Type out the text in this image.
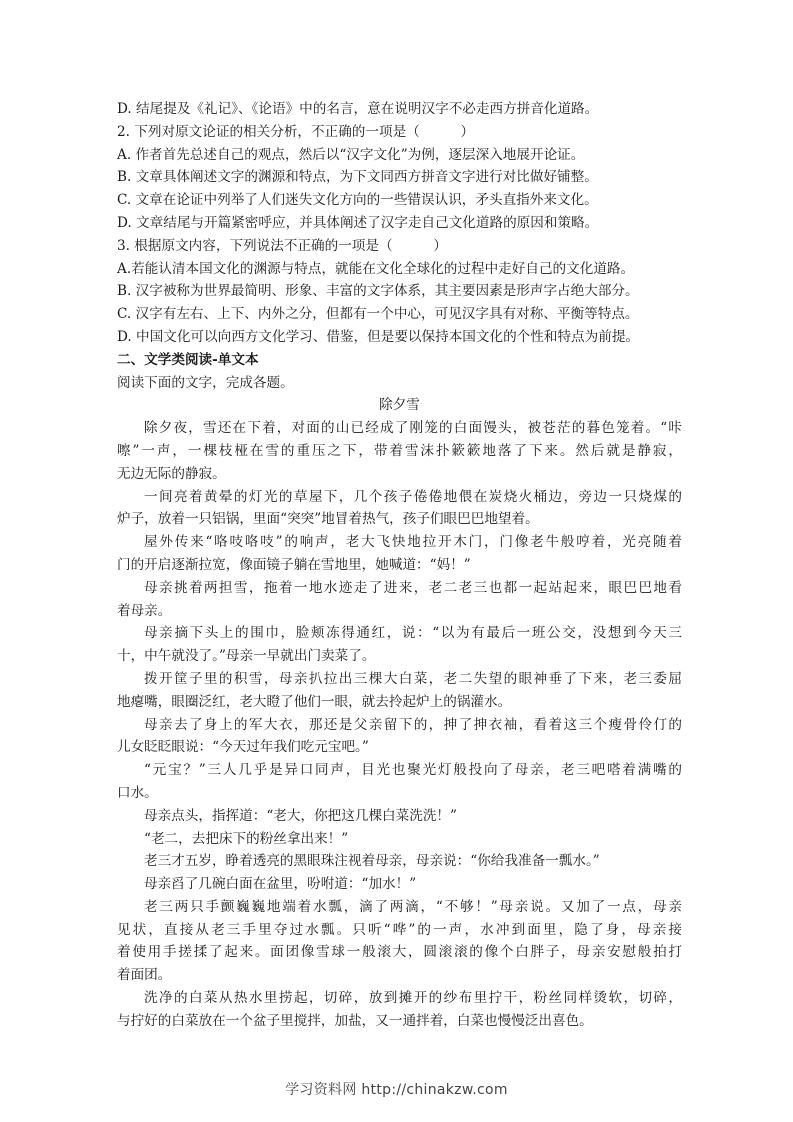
D. 结尾提及《礼记》、《论语》中的名言，意在说明汉字不必走西方拼音化道路。
2. 下列对原文论证的相关分析，不正确的一项是（　　　）
A. 作者首先总述自己的观点，然后以“汉字文化”为例，逐层深入地展开论证。
B. 文章具体阐述文字的渊源和特点，为下文同西方拼音文字进行对比做好铺整。
C. 文章在论证中列举了人们迷失文化方向的一些错误认识，矛头直指外来文化。
D. 文章结尾与开篇紧密呼应，并具体阐述了汉字走自己文化道路的原因和策略。
3. 根据原文内容，下列说法不正确的一项是（　　　）
A.若能认清本国文化的渊源与特点，就能在文化全球化的过程中走好自己的文化道路。
B. 汉字被称为世界最简明、形象、丰富的文字体系，其主要因素是形声字占绝大部分。
C. 汉字有左右、上下、内外之分，但都有一个中心，可见汉字具有对称、平衡等特点。
D. 中国文化可以向西方文化学习、借鉴，但是要以保持本国文化的个性和特点为前提。
二、文学类阅读-单文本
阅读下面的文字，完成各题。
除夕雪
除夕夜，雪还在下着，对面的山已经成了刚笼的白面馒头，被苍茫的暮色笼着。“咔
嚓”一声，一棵枝桠在雪的重压之下，带着雪沫扑簌簌地落了下来。然后就是静寂，
无边无际的静寂。
一间亮着黄晕的灯光的草屋下，几个孩子倦倦地偎在炭烧火桶边，旁边一只烧煤的
炉子，放着一只铝锅，里面“突突”地冒着热气，孩子们眼巴巴地望着。
屋外传来“咯吱咯吱”的响声，老大飞快地拉开木门，门像老牛般哼着，光亮随着
门的开启逐渐拉宽，像面镜子躺在雪地里，她喊道：“妈！”
母亲挑着两担雪，拖着一地水迹走了进来，老二老三也都一起站起来，眼巴巴地看
着母亲。
母亲摘下头上的围巾，脸颊冻得通红，说：“以为有最后一班公交，没想到今天三
十，中午就没了。”母亲一早就出门卖菜了。
拨开筐子里的积雪，母亲扒拉出三棵大白菜，老二失望的眼神垂了下来，老三委屈
地瘪嘴，眼圈泛红，老大瞪了他们一眼，就去拎起炉上的锅灌水。
母亲去了身上的军大衣，那还是父亲留下的，抻了抻衣袖，看着这三个瘦骨伶仃的
儿女眨眨眼说：“今天过年我们吃元宝吧。”
“元宝？”三人几乎是异口同声，目光也聚光灯般投向了母亲，老三吧嗒着满嘴的
口水。
母亲点头，指挥道：“老大，你把这几棵白菜洗洗！”
“老二，去把床下的粉丝拿出来！”
老三才五岁，睁着透亮的黑眼珠注视着母亲，母亲说：“你给我准备一瓢水。”
母亲舀了几碗白面在盆里，吩咐道：“加水！”
老三两只手颤巍巍地端着水瓢，滴了两滴，“不够！”母亲说。又加了一点，母亲
见状，直接从老三手里夺过水瓢。只听“哗”的一声，水冲到面里，隐了身，母亲接
着使用手搓揉了起来。面团像雪球一般滚大，圆滚滚的像个白胖子，母亲安慰般拍打
着面团。
洗净的白菜从热水里捞起，切碎，放到摊开的纱布里拧干，粉丝同样烫软，切碎，
与拧好的白菜放在一个盆子里搅拌，加盐，又一通拌着，白菜也慢慢泛出喜色。
学习资料网 http://chinakzw.com
